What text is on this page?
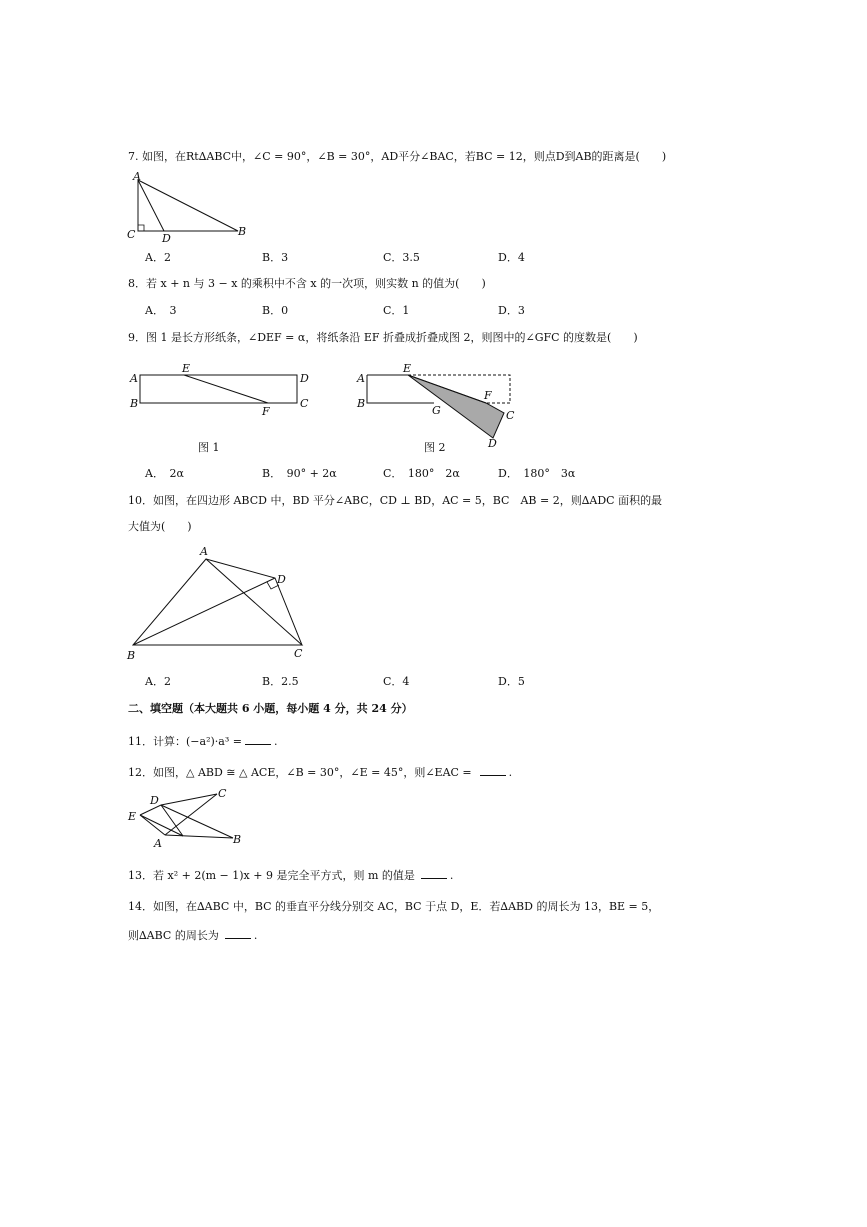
7. 如图，在Rt∆ABC中，∠C = 90°，∠B = 30°，AD平分∠BAC，若BC = 12，则点D到AB的距离是(　　)
A
C D
B
A．2	B．3	C．3.5	D．4
8．若 x + n 与 3 − x 的乘积中不含 x 的一次项，则实数 n 的值为(　　)
A．　3	B．0	C．1	D．3
9．图 1 是长方形纸条，∠DEF = α，将纸条沿 EF 折叠成折叠成图 2，则图中的∠GFC 的度数是(　　)
A
E
D
B
F
C
图 1
A
E
B
G
F
C
D
图 2
A．　2α	B．　90° + 2α	C．　180°　2α	D．　180°　3α
10．如图，在四边形 ABCD 中，BD 平分∠ABC，CD ⊥ BD，AC = 5，BC　AB = 2，则∆ADC 面积的最
大值为(　　)
A
D
B	C
A．2	B．2.5	C．4	D．5
二、填空题（本大题共 6 小题，每小题 4 分，共 24 分）
11．计算：(−a²)·a³ =	.
12．如图，△ ABD ≅ △ ACE，∠B = 30°，∠E = 45°，则∠EAC =	.
D
C
E
B
A
13．若 x² + 2(m − 1)x + 9 是完全平方式，则 m 的值是	.
14．如图，在∆ABC 中，BC 的垂直平分线分别交 AC，BC 于点 D，E．若∆ABD 的周长为 13，BE = 5，
则∆ABC 的周长为	.
